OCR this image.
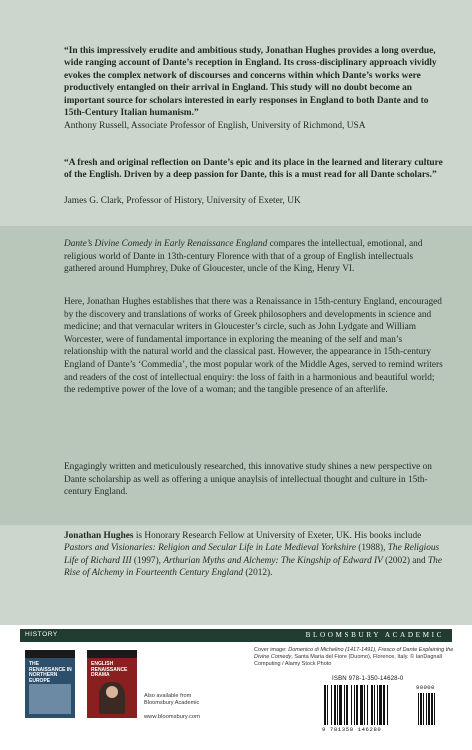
“In this impressively erudite and ambitious study, Jonathan Hughes provides a long overdue, wide ranging account of Dante’s reception in England. Its cross-disciplinary approach vividly evokes the complex network of discourses and concerns within which Dante’s works were productively entangled on their arrival in England. This study will no doubt become an important source for scholars interested in early responses in England to both Dante and to 15th-Century Italian humanism.”

Anthony Russell, Associate Professor of English, University of Richmond, USA

“A fresh and original reflection on Dante’s epic and its place in the learned and literary culture of the English. Driven by a deep passion for Dante, this is a must read for all Dante scholars.”

James G. Clark, Professor of History, University of Exeter, UK

Dante’s Divine Comedy in Early Renaissance England compares the intellectual, emotional, and religious world of Dante in 13th-century Florence with that of a group of English intellectuals gathered around Humphrey, Duke of Gloucester, uncle of the King, Henry VI.

Here, Jonathan Hughes establishes that there was a Renaissance in 15th-century England, encouraged by the discovery and translations of works of Greek philosophers and developments in science and medicine; and that vernacular writers in Gloucester’s circle, such as John Lydgate and William Worcester, were of fundamental importance in exploring the meaning of the self and man’s relationship with the natural world and the classical past. However, the appearance in 15th-century England of Dante’s ‘Commedia’, the most popular work of the Middle Ages, served to remind writers and readers of the cost of intellectual enquiry: the loss of faith in a harmonious and beautiful world; the redemptive power of the love of a woman; and the tangible presence of an afterlife.

Engagingly written and meticulously researched, this innovative study shines a new perspective on Dante scholarship as well as offering a unique anaylsis of intellectual thought and culture in 15th-century England.

Jonathan Hughes is Honorary Research Fellow at University of Exeter, UK. His books include Pastors and Visionaries: Religion and Secular Life in Late Medieval Yorkshire (1988), The Religious Life of Richard III (1997), Arthurian Myths and Alchemy: The Kingship of Edward IV (2002) and The Rise of Alchemy in Fourteenth Century England (2012).

HISTORY	BLOOMSBURY ACADEMIC
THE RENAISSANCE IN NORTHERN EUROPE
ENGLISH RENAISSANCE DRAMA
Also available from Bloomsbury Academic
www.bloomsbury.com

Cover image: Domenico di Michelino (1417-1491), Fresco of Dante Explaining the Divine Comedy, Santa Maria del Fiore (Duomo), Florence, Italy. © IanDagnall Computing / Alamy Stock Photo

ISBN 978-1-350-14628-0
9 781350 146280
90000
